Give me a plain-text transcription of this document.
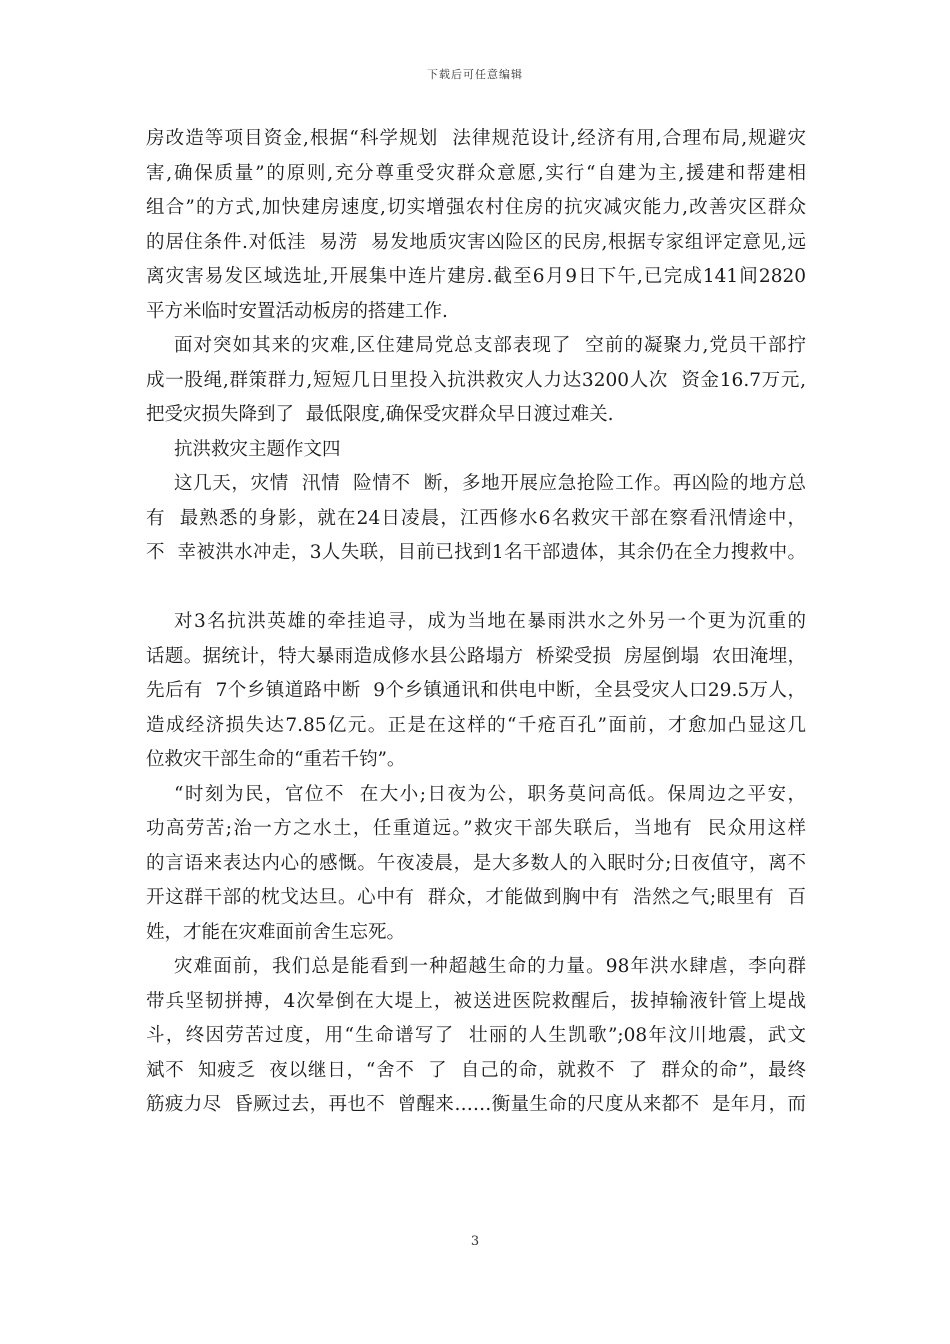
下载后可任意编辑
房改造等项目资金,根据“科学规划  法律规范设计,经济有用,合理布局,规避灾
害,确保质量”的原则,充分尊重受灾群众意愿,实行“自建为主,援建和帮建相
组合”的方式,加快建房速度,切实增强农村住房的抗灾减灾能力,改善灾区群众
的居住条件.对低洼  易涝  易发地质灾害凶险区的民房,根据专家组评定意见,远
离灾害易发区域选址,开展集中连片建房.截至6月9日下午,已完成141间2820
平方米临时安置活动板房的搭建工作.
面对突如其来的灾难,区住建局党总支部表现了  空前的凝聚力,党员干部拧
成一股绳,群策群力,短短几日里投入抗洪救灾人力达3200人次  资金16.7万元,
把受灾损失降到了  最低限度,确保受灾群众早日渡过难关.
抗洪救灾主题作文四
这几天，灾情  汛情  险情不  断，多地开展应急抢险工作。再凶险的地方总
有  最熟悉的身影，就在24日凌晨，江西修水6名救灾干部在察看汛情途中，
不  幸被洪水冲走，3人失联，目前已找到1名干部遗体，其余仍在全力搜救中。
对3名抗洪英雄的牵挂追寻，成为当地在暴雨洪水之外另一个更为沉重的
话题。据统计，特大暴雨造成修水县公路塌方  桥梁受损  房屋倒塌  农田淹埋，
先后有  7个乡镇道路中断  9个乡镇通讯和供电中断，全县受灾人口29.5万人，
造成经济损失达7.85亿元。正是在这样的“千疮百孔”面前，才愈加凸显这几
位救灾干部生命的“重若千钧”。
“时刻为民，官位不  在大小;日夜为公，职务莫问高低。保周边之平安，
功高劳苦;治一方之水土，任重道远。”救灾干部失联后，当地有  民众用这样
的言语来表达内心的感慨。午夜凌晨，是大多数人的入眠时分;日夜值守，离不
开这群干部的枕戈达旦。心中有  群众，才能做到胸中有  浩然之气;眼里有  百
姓，才能在灾难面前舍生忘死。
灾难面前，我们总是能看到一种超越生命的力量。98年洪水肆虐，李向群
带兵坚韧拼搏，4次晕倒在大堤上，被送进医院救醒后，拔掉输液针管上堤战
斗，终因劳苦过度，用“生命谱写了  壮丽的人生凯歌”;08年汶川地震，武文
斌不  知疲乏  夜以继日，“舍不  了  自己的命，就救不  了  群众的命”，最终
筋疲力尽  昏厥过去，再也不  曾醒来……衡量生命的尺度从来都不  是年月，而
3
